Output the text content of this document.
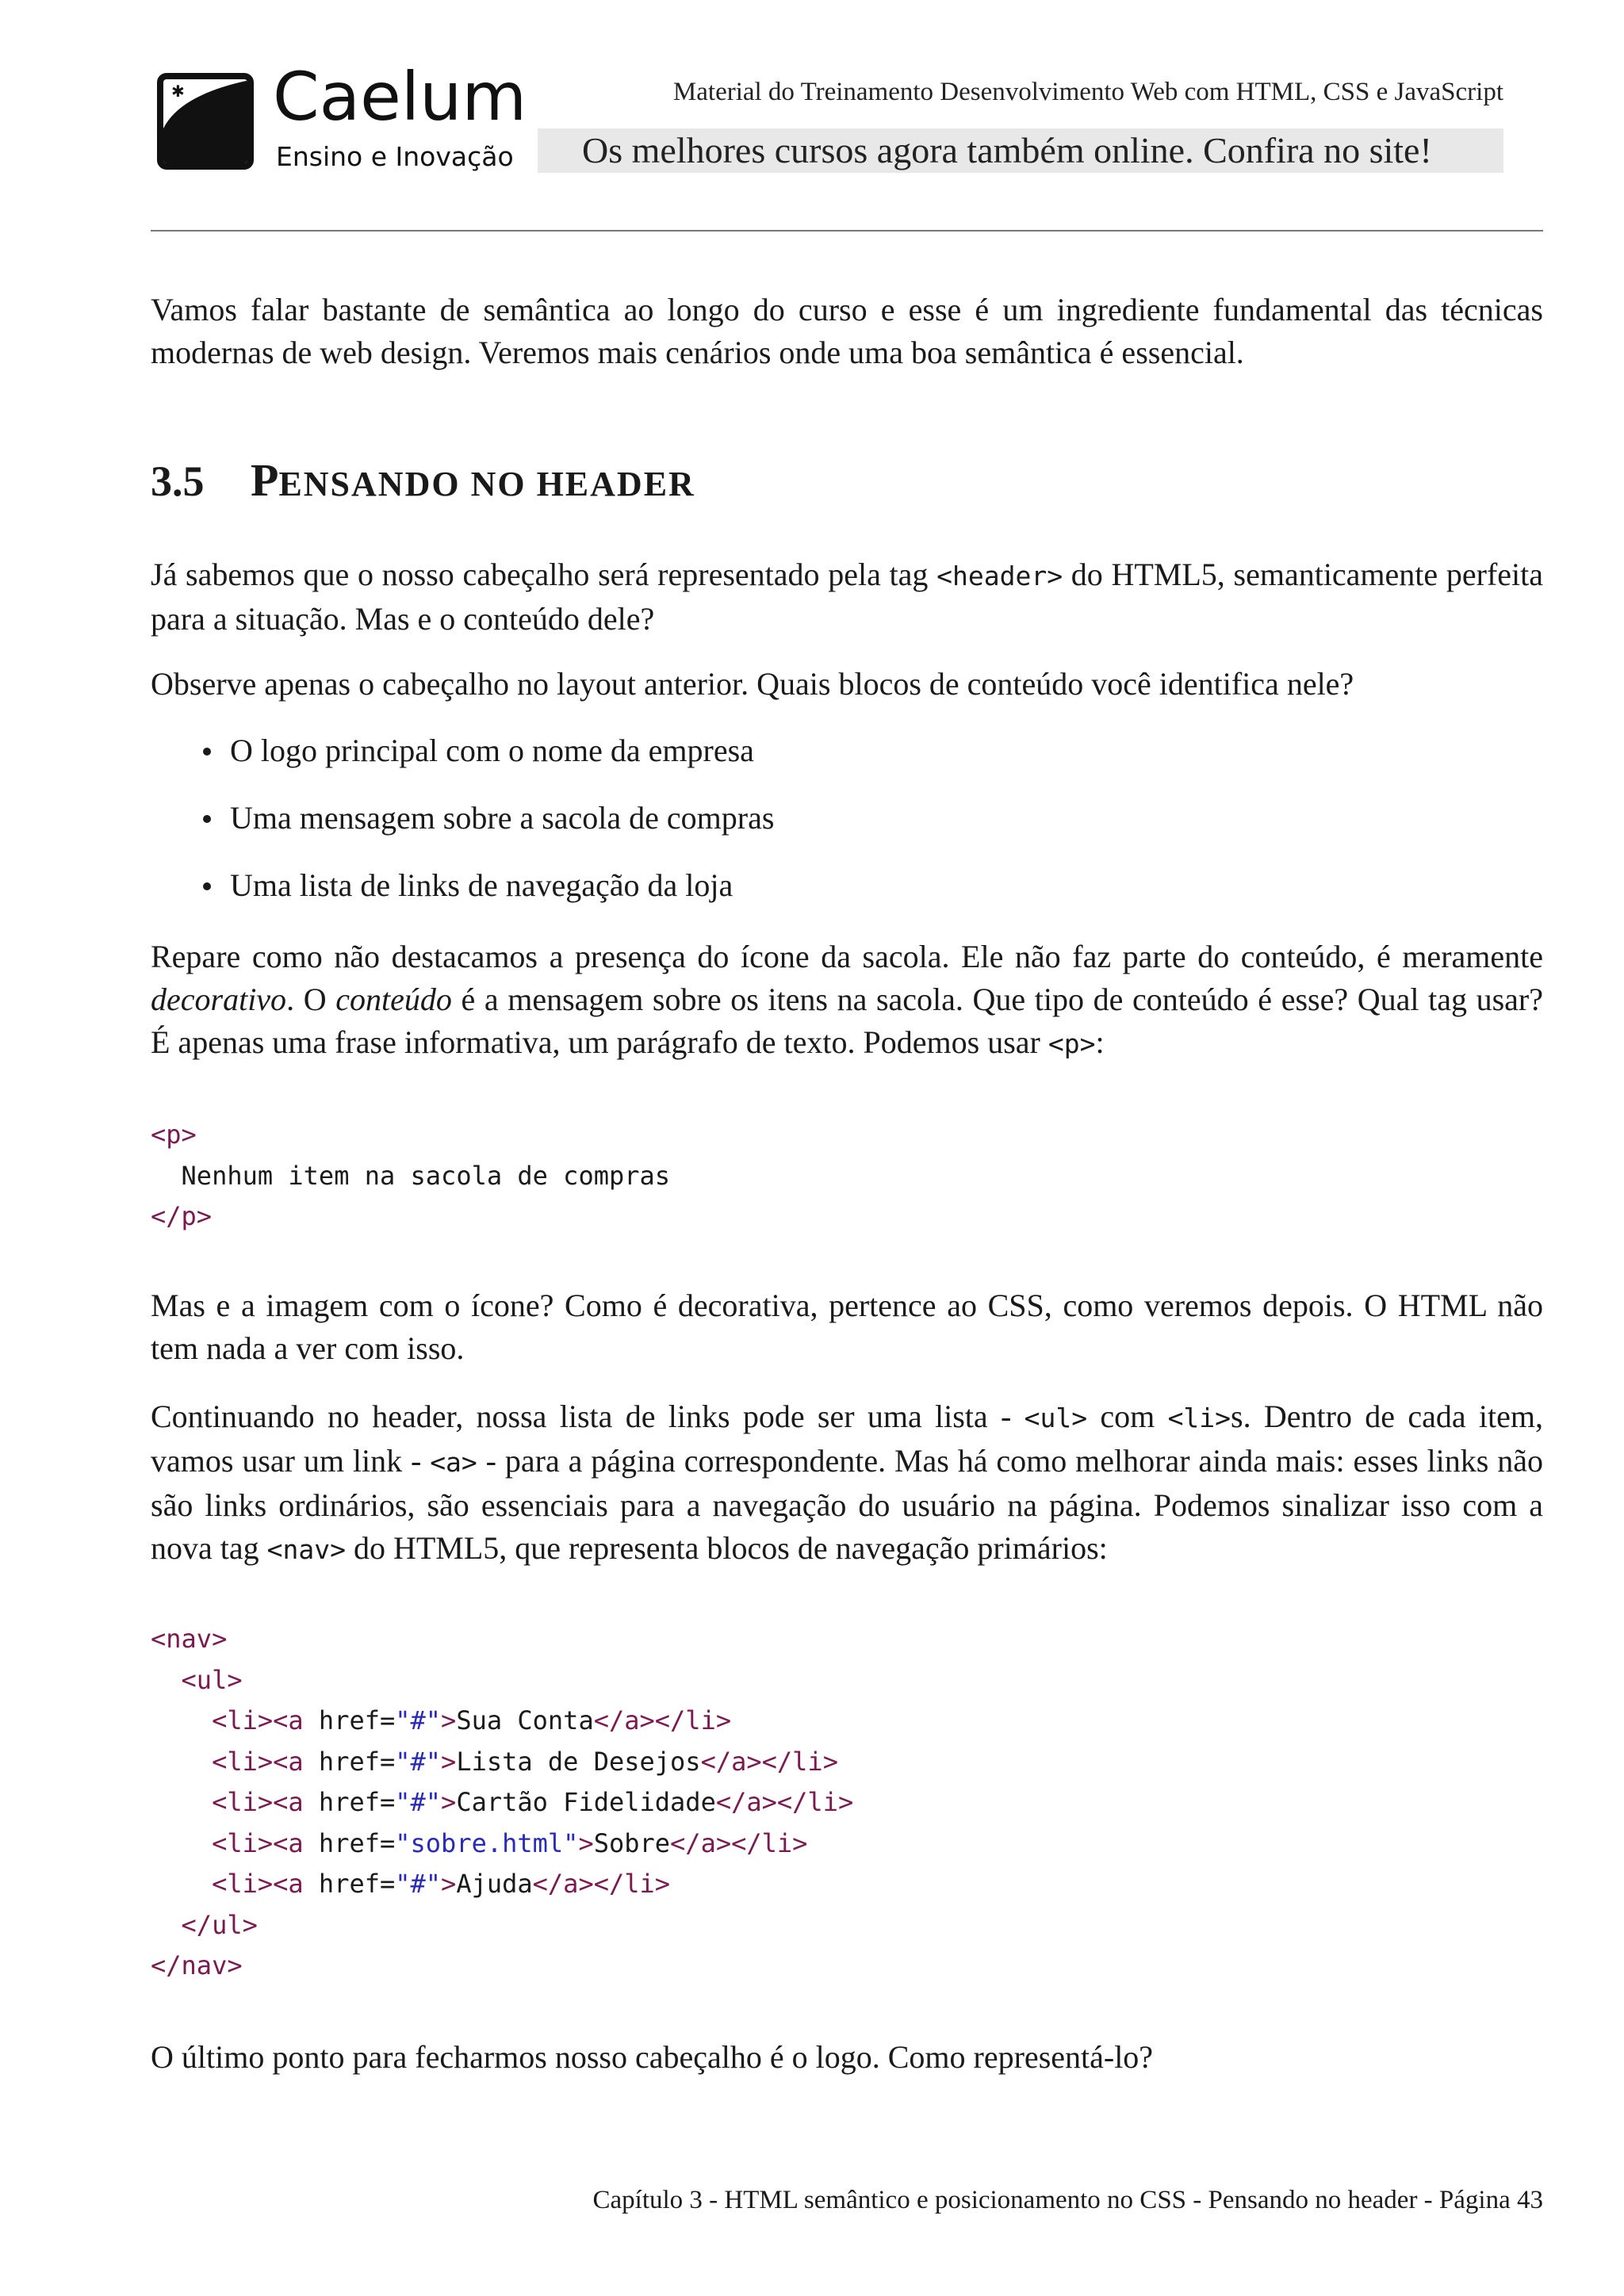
✱ Caelum
Ensino e Inovação
Material do Treinamento Desenvolvimento Web com HTML, CSS e JavaScript
Os melhores cursos agora também online. Confira no site!

Vamos falar bastante de semântica ao longo do curso e esse é um ingrediente fundamental das técnicas modernas de web design. Veremos mais cenários onde uma boa semântica é essencial.

3.5 PENSANDO NO HEADER

Já sabemos que o nosso cabeçalho será representado pela tag <header> do HTML5, semanticamente perfeita para a situação. Mas e o conteúdo dele?

Observe apenas o cabeçalho no layout anterior. Quais blocos de conteúdo você identifica nele?

O logo principal com o nome da empresa
Uma mensagem sobre a sacola de compras
Uma lista de links de navegação da loja

Repare como não destacamos a presença do ícone da sacola. Ele não faz parte do conteúdo, é meramente decorativo. O conteúdo é a mensagem sobre os itens na sacola. Que tipo de conteúdo é esse? Qual tag usar? É apenas uma frase informativa, um parágrafo de texto. Podemos usar <p>:

<p>
Nenhum item na sacola de compras
</p>

Mas e a imagem com o ícone? Como é decorativa, pertence ao CSS, como veremos depois. O HTML não tem nada a ver com isso.

Continuando no header, nossa lista de links pode ser uma lista - <ul> com <li>s. Dentro de cada item, vamos usar um link - <a> - para a página correspondente. Mas há como melhorar ainda mais: esses links não são links ordinários, são essenciais para a navegação do usuário na página. Podemos sinalizar isso com a nova tag <nav> do HTML5, que representa blocos de navegação primários:

<nav>
<ul>
<li><a href="#">Sua Conta</a></li>
<li><a href="#">Lista de Desejos</a></li>
<li><a href="#">Cartão Fidelidade</a></li>
<li><a href="sobre.html">Sobre</a></li>
<li><a href="#">Ajuda</a></li>
</ul>
</nav>

O último ponto para fecharmos nosso cabeçalho é o logo. Como representá-lo?

Capítulo 3 - HTML semântico e posicionamento no CSS - Pensando no header - Página 43
